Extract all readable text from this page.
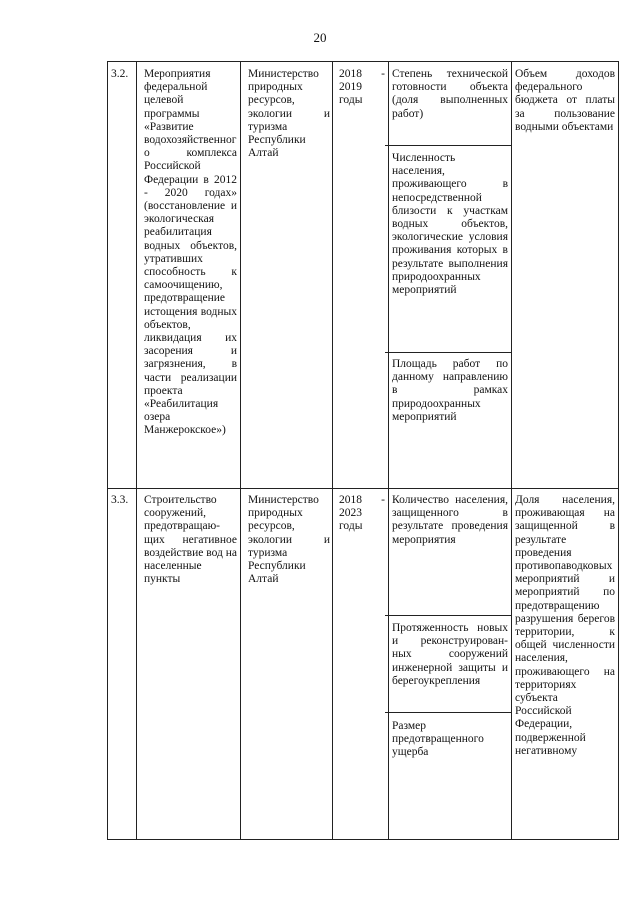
20
3.2.	Мероприятия федеральной целевой программы «Развитие водохозяйственного комплекса Российской Федерации в 2012 - 2020 годах» (восстановление и экологическая реабилитация водных объектов, утративших способность к самоочищению, предотвращение истощения водных объектов, ликвидация их засорения и загрязнения, в части реализации проекта «Реабилитация озера Манжерокское»)
Министерство природных ресурсов, экологии и туризма Республики Алтай
2018 - 2019 годы
Степень технической готовности объекта (доля выполненных работ)
Численность населения, проживающего в непосредственной близости к участкам водных объектов, экологические условия проживания которых в результате выполнения природоохранных мероприятий
Площадь работ по данному направлению в рамках природоохранных мероприятий
Объем доходов федерального бюджета от платы за пользование водными объектами
3.3.	Строительство сооружений, предотвращаю-щих негативное воздействие вод на населенные пункты
Министерство природных ресурсов, экологии и туризма Республики Алтай
2018 - 2023 годы
Количество населения, защищенного в результате проведения мероприятия
Протяженность новых и реконструирован-ных сооружений инженерной защиты и берегоукрепления
Размер предотвращенного ущерба
Доля населения, проживающая на защищенной в результате проведения противопаводковых мероприятий и мероприятий по предотвращению разрушения берегов территории, к общей численности населения, проживающего на территориях субъекта Российской Федерации, подверженной негативному
